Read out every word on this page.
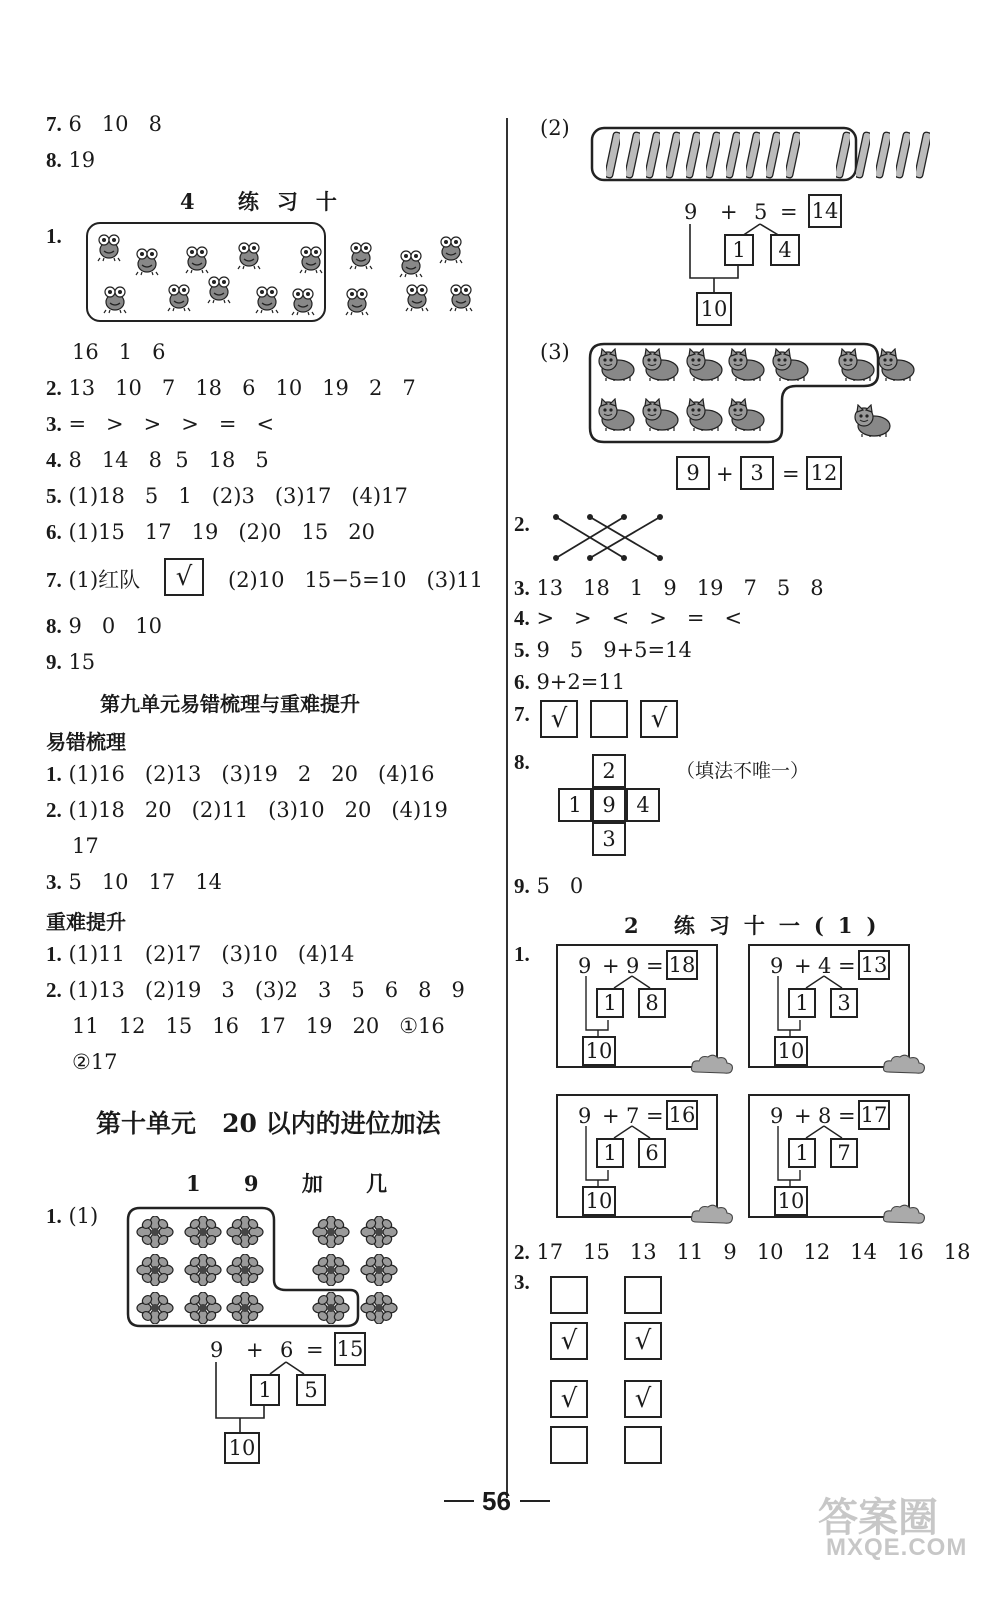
7. 6   10   8
8. 19
4 练习十
1.
16   1   6
2. 13   10   7   18   6   10   19   2   7
3. =   >   >   >   =   <
4. 8   14   8  5   18   5
5. (1)18   5   1   (2)3   (3)17   (4)17
6. (1)15   17   19   (2)0   15   20
7. (1)红队	√	(2)10   15−5=10   (3)11
8. 9   0   10
9. 15
第九单元易错梳理与重难提升
易错梳理
1. (1)16   (2)13   (3)19   2   20   (4)16
2. (1)18   20   (2)11   (3)10   20   (4)19
17
3. 5   10   17   14
重难提升
1. (1)11   (2)17   (3)10   (4)14
2. (1)13   (2)19   3   (3)2   3   5   6   8   9
11   12   15   16   17   19   20   ①16
②17
第十单元   20 以内的进位加法
1 9 加 几
1. (1)
9 + 6 = 15
1	5
10
(2)
9 + 5 = 14
1	4
10
(3)
9 + 3 = 12
2.
3. 13   18   1   9   19   7   5   8
4. >   >   <   >   =   <
5. 9   5   9+5=14
6. 9+2=11
7. √	√
8.	2
1 9 4
3
（填法不唯一）
9. 5   0
2 练习十一(1)
1. 9 + 9 = 18
1	8
10
9 + 4 = 13
1	3
10
9 + 7 = 16
1	6
10
9 + 8 = 17
1	7
10
2. 17   15   13   11   9   10   12   14   16   18
3.
√
√
√
√
56	答案圈
MXQE.COM
